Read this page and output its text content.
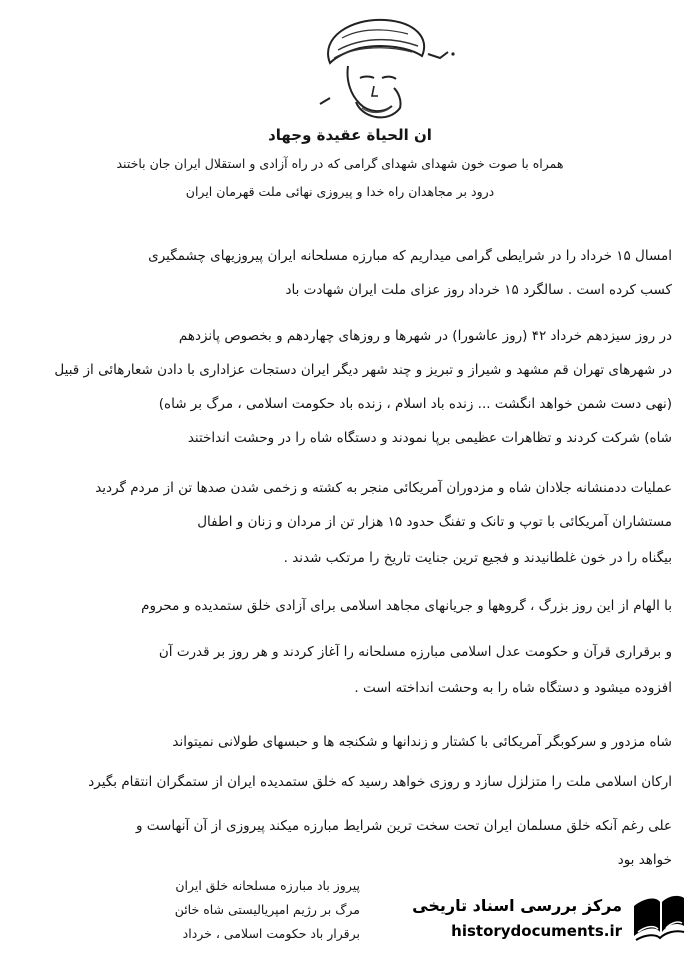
ان الحياة عقيدة وجهاد
همراه با صوت خون شهدای شهدای گرامی که در راه آزادی و استقلال ایران جان باختند
درود بر مجاهدان راه خدا و پیروزی نهائی ملت قهرمان ایران
امسال ۱۵ خرداد را در شرایطی گرامی میداریم که مبارزه مسلحانه ایران پیروزیهای چشمگیری
کسب کرده است . سالگرد ۱۵ خرداد روز عزای ملت ایران شهادت باد
در روز سیزدهم خرداد ۴۲ (روز عاشورا) در شهرها و روزهای چهاردهم و بخصوص پانزدهم
در شهرهای تهران قم مشهد و شیراز و تبریز و چند شهر دیگر ایران دستجات عزاداری با دادن شعارهائی از قبیل
(نهی دست شمن خواهد انگشت ... زنده باد اسلام ، زنده باد حکومت اسلامی ، مرگ بر شاه)
شاه) شرکت کردند و تظاهرات عظیمی برپا نمودند و دستگاه شاه را در وحشت انداختند
عملیات ددمنشانه جلادان شاه و مزدوران آمریکائی منجر به کشته و زخمی شدن صدها تن از مردم گردید
مستشاران آمریکائی با توپ و تانک و تفنگ حدود ۱۵ هزار تن از مردان و زنان و اطفال
بیگناه را در خون غلطانیدند و فجیع ترین جنایت تاریخ را مرتکب شدند .
با الهام از این روز بزرگ ، گروهها و جریانهای مجاهد اسلامی برای آزادی خلق ستمدیده و محروم
و برقراری قرآن و حکومت عدل اسلامی مبارزه مسلحانه را آغاز کردند و هر روز بر قدرت آن
افزوده میشود و دستگاه شاه را به وحشت انداخته است .
شاه مزدور و سرکوبگر آمریکائی با کشتار و زندانها و شکنجه ها و حبسهای طولانی نمیتواند
ارکان اسلامی ملت را متزلزل سازد و روزی خواهد رسید که خلق ستمدیده ایران از ستمگران انتقام بگیرد
علی رغم آنکه خلق مسلمان ایران تحت سخت ترین شرایط مبارزه میکند پیروزی از آن آنهاست و
خواهد بود
پیروز باد مبارزه مسلحانه خلق ایران
مرگ بر رژیم امپریالیستی شاه خائن
برقرار باد حکومت اسلامی ، خرداد
مرکز بررسی اسناد تاریخی
historydocuments.ir
